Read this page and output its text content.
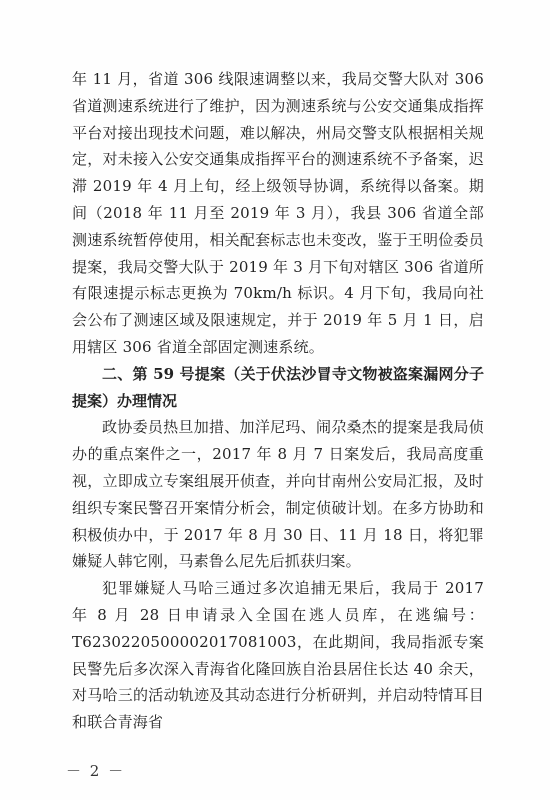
年 11 月，省道 306 线限速调整以来，我局交警大队对 306 省道测速系统进行了维护，因为测速系统与公安交通集成指挥平台对接出现技术问题，难以解决，州局交警支队根据相关规定，对未接入公安交通集成指挥平台的测速系统不予备案，迟滞 2019 年 4 月上旬，经上级领导协调，系统得以备案。期间（2018 年 11 月至 2019 年 3 月），我县 306 省道全部测速系统暂停使用，相关配套标志也未变改，鉴于王明俭委员提案，我局交警大队于 2019 年 3 月下旬对辖区 306 省道所有限速提示标志更换为 70km/h 标识。4 月下旬，我局向社会公布了测速区域及限速规定，并于 2019 年 5 月 1 日，启用辖区 306 省道全部固定测速系统。

二、第 59 号提案（关于伏法沙冒寺文物被盗案漏网分子提案）办理情况

政协委员热旦加措、加洋尼玛、闹尕桑杰的提案是我局侦办的重点案件之一，2017 年 8 月 7 日案发后，我局高度重视，立即成立专案组展开侦查，并向甘南州公安局汇报，及时组织专案民警召开案情分析会，制定侦破计划。在多方协助和积极侦办中，于 2017 年 8 月 30 日、11 月 18 日，将犯罪嫌疑人韩它刚，马素鲁么尼先后抓获归案。

犯罪嫌疑人马哈三通过多次追捕无果后，我局于 2017 年 8 月 28 日申请录入全国在逃人员库，在逃编号：T6230220500002017081003，在此期间，我局指派专案民警先后多次深入青海省化隆回族自治县居住长达 40 余天，对马哈三的活动轨迹及其动态进行分析研判，并启动特情耳目和联合青海省

－ 2 －
